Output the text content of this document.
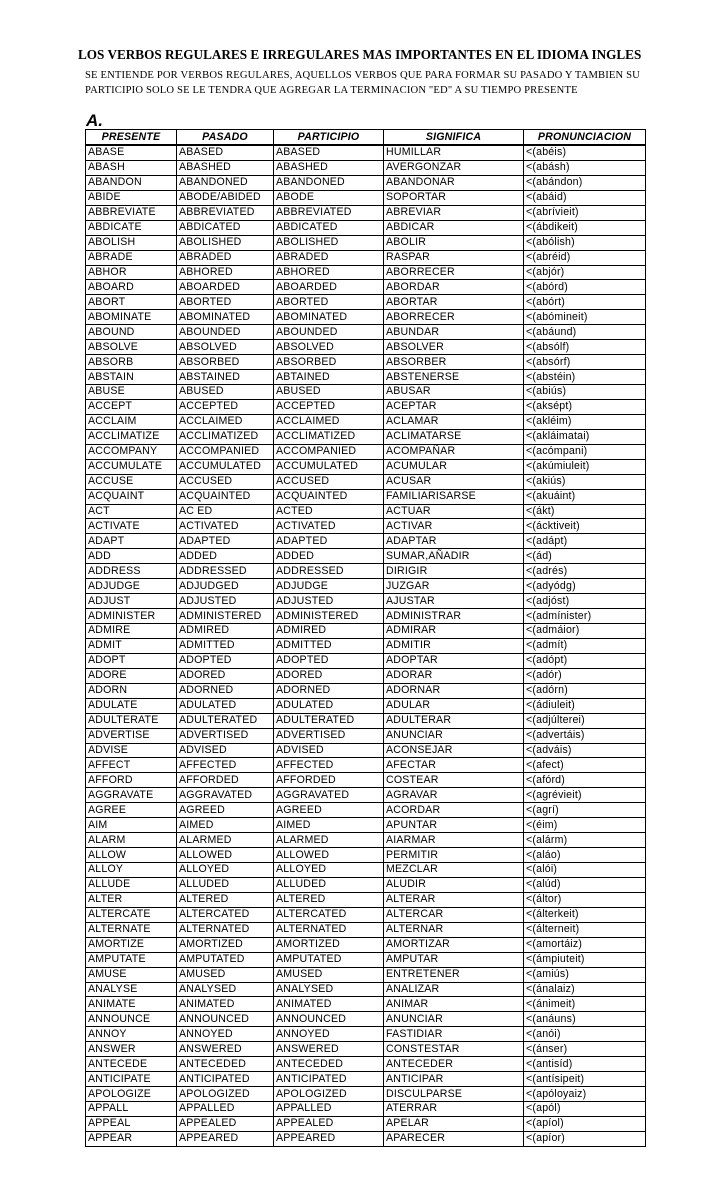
LOS VERBOS REGULARES E IRREGULARES MAS IMPORTANTES EN EL IDIOMA INGLES
SE ENTIENDE POR VERBOS REGULARES, AQUELLOS VERBOS QUE PARA FORMAR SU PASADO Y TAMBIEN SU PARTICIPIO SOLO SE LE TENDRA QUE AGREGAR LA TERMINACION "ED" A SU TIEMPO PRESENTE
A.
PRESENTE	PASADO	PARTICIPIO	SIGNIFICA	PRONUNCIACION
ABASE	ABASED	ABASED	HUMILLAR	<(abéis)
ABASH	ABASHED	ABASHED	AVERGONZAR	<(abásh)
ABANDON	ABANDONED	ABANDONED	ABANDONAR	<(abándon)
ABIDE	ABODE/ABIDED	ABODE	SOPORTAR	<(abáid)
ABBREVIATE	ABBREVIATED	ABBREVIATED	ABREVIAR	<(abrívieit)
ABDICATE	ABDICATED	ABDICATED	ABDICAR	<(ábdikeit)
ABOLISH	ABOLISHED	ABOLISHED	ABOLIR	<(abólish)
ABRADE	ABRADED	ABRADED	RASPAR	<(abréid)
ABHOR	ABHORED	ABHORED	ABORRECER	<(abjór)
ABOARD	ABOARDED	ABOARDED	ABORDAR	<(abórd)
ABORT	ABORTED	ABORTED	ABORTAR	<(abórt)
ABOMINATE	ABOMINATED	ABOMINATED	ABORRECER	<(abómineit)
ABOUND	ABOUNDED	ABOUNDED	ABUNDAR	<(abáund)
ABSOLVE	ABSOLVED	ABSOLVED	ABSOLVER	<(absólf)
ABSORB	ABSORBED	ABSORBED	ABSORBER	<(absórf)
ABSTAIN	ABSTAINED	ABTAINED	ABSTENERSE	<(abstéin)
ABUSE	ABUSED	ABUSED	ABUSAR	<(abiús)
ACCEPT	ACCEPTED	ACCEPTED	ACEPTAR	<(aksépt)
ACCLAIM	ACCLAIMED	ACCLAIMED	ACLAMAR	<(akléim)
ACCLIMATIZE	ACCLIMATIZED	ACCLIMATIZED	ACLIMATARSE	<(akláimatai)
ACCOMPANY	ACCOMPANIED	ACCOMPANIED	ACOMPAÑAR	<(acómpani)
ACCUMULATE	ACCUMULATED	ACCUMULATED	ACUMULAR	<(akúmiuleit)
ACCUSE	ACCUSED	ACCUSED	ACUSAR	<(akiús)
ACQUAINT	ACQUAINTED	ACQUAINTED	FAMILIARISARSE	<(akuáint)
ACT	AC ED	ACTED	ACTUAR	<(ákt)
ACTIVATE	ACTIVATED	ACTIVATED	ACTIVAR	<(ácktiveit)
ADAPT	ADAPTED	ADAPTED	ADAPTAR	<(adápt)
ADD	ADDED	ADDED	SUMAR,AÑADIR	<(ád)
ADDRESS	ADDRESSED	ADDRESSED	DIRIGIR	<(adrés)
ADJUDGE	ADJUDGED	ADJUDGE	JUZGAR	<(adyódg)
ADJUST	ADJUSTED	ADJUSTED	AJUSTAR	<(adjóst)
ADMINISTER	ADMINISTERED	ADMINISTERED	ADMINISTRAR	<(admínister)
ADMIRE	ADMIRED	ADMIRED	ADMIRAR	<(admáior)
ADMIT	ADMITTED	ADMITTED	ADMITIR	<(admít)
ADOPT	ADOPTED	ADOPTED	ADOPTAR	<(adópt)
ADORE	ADORED	ADORED	ADORAR	<(adór)
ADORN	ADORNED	ADORNED	ADORNAR	<(adórn)
ADULATE	ADULATED	ADULATED	ADULAR	<(ádiuleit)
ADULTERATE	ADULTERATED	ADULTERATED	ADULTERAR	<(adjúlterei)
ADVERTISE	ADVERTISED	ADVERTISED	ANUNCIAR	<(advertáis)
ADVISE	ADVISED	ADVISED	ACONSEJAR	<(adváis)
AFFECT	AFFECTED	AFFECTED	AFECTAR	<(afect)
AFFORD	AFFORDED	AFFORDED	COSTEAR	<(afórd)
AGGRAVATE	AGGRAVATED	AGGRAVATED	AGRAVAR	<(agrévieit)
AGREE	AGREED	AGREED	ACORDAR	<(agrí)
AIM	AIMED	AIMED	APUNTAR	<(éim)
ALARM	ALARMED	ALARMED	AIARMAR	<(alárm)
ALLOW	ALLOWED	ALLOWED	PERMITIR	<(aláo)
ALLOY	ALLOYED	ALLOYED	MEZCLAR	<(alói)
ALLUDE	ALLUDED	ALLUDED	ALUDIR	<(alúd)
ALTER	ALTERED	ALTERED	ALTERAR	<(áltor)
ALTERCATE	ALTERCATED	ALTERCATED	ALTERCAR	<(álterkeit)
ALTERNATE	ALTERNATED	ALTERNATED	ALTERNAR	<(álterneit)
AMORTIZE	AMORTIZED	AMORTIZED	AMORTIZAR	<(amortáiz)
AMPUTATE	AMPUTATED	AMPUTATED	AMPUTAR	<(ámpiuteit)
AMUSE	AMUSED	AMUSED	ENTRETENER	<(amiús)
ANALYSE	ANALYSED	ANALYSED	ANALIZAR	<(ánalaiz)
ANIMATE	ANIMATED	ANIMATED	ANIMAR	<(ánimeit)
ANNOUNCE	ANNOUNCED	ANNOUNCED	ANUNCIAR	<(anáuns)
ANNOY	ANNOYED	ANNOYED	FASTIDIAR	<(anói)
ANSWER	ANSWERED	ANSWERED	CONSTESTAR	<(ánser)
ANTECEDE	ANTECEDED	ANTECEDED	ANTECEDER	<(antisíd)
ANTICIPATE	ANTICIPATED	ANTICIPATED	ANTICIPAR	<(antísipeit)
APOLOGIZE	APOLOGIZED	APOLOGIZED	DISCULPARSE	<(apóloyaiz)
APPALL	APPALLED	APPALLED	ATERRAR	<(apól)
APPEAL	APPEALED	APPEALED	APELAR	<(apíol)
APPEAR	APPEARED	APPEARED	APARECER	<(apíor)
